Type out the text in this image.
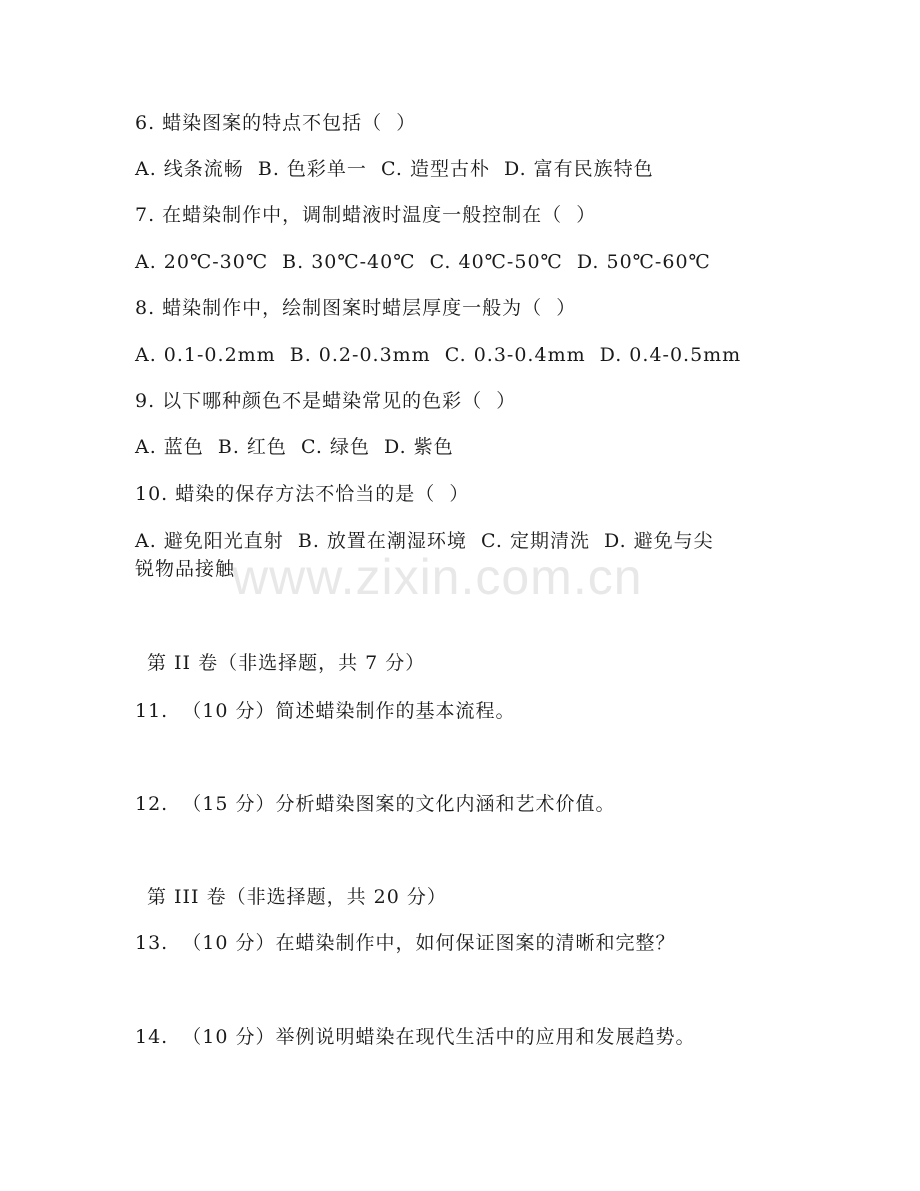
www.zixin.com.cn
6. 蜡染图案的特点不包括（  ）
A. 线条流畅  B. 色彩单一  C. 造型古朴  D. 富有民族特色
7. 在蜡染制作中，调制蜡液时温度一般控制在（  ）
A. 20℃-30℃  B. 30℃-40℃  C. 40℃-50℃  D. 50℃-60℃
8. 蜡染制作中，绘制图案时蜡层厚度一般为（  ）
A. 0.1-0.2mm  B. 0.2-0.3mm  C. 0.3-0.4mm  D. 0.4-0.5mm
9. 以下哪种颜色不是蜡染常见的色彩（  ）
A. 蓝色  B. 红色  C. 绿色  D. 紫色
10. 蜡染的保存方法不恰当的是（  ）
A. 避免阳光直射  B. 放置在潮湿环境  C. 定期清洗  D. 避免与尖
锐物品接触
第 II 卷（非选择题，共 7 分）
11.  （10 分）简述蜡染制作的基本流程。
12.  （15 分）分析蜡染图案的文化内涵和艺术价值。
第 III 卷（非选择题，共 20 分）
13.  （10 分）在蜡染制作中，如何保证图案的清晰和完整？
14.  （10 分）举例说明蜡染在现代生活中的应用和发展趋势。
